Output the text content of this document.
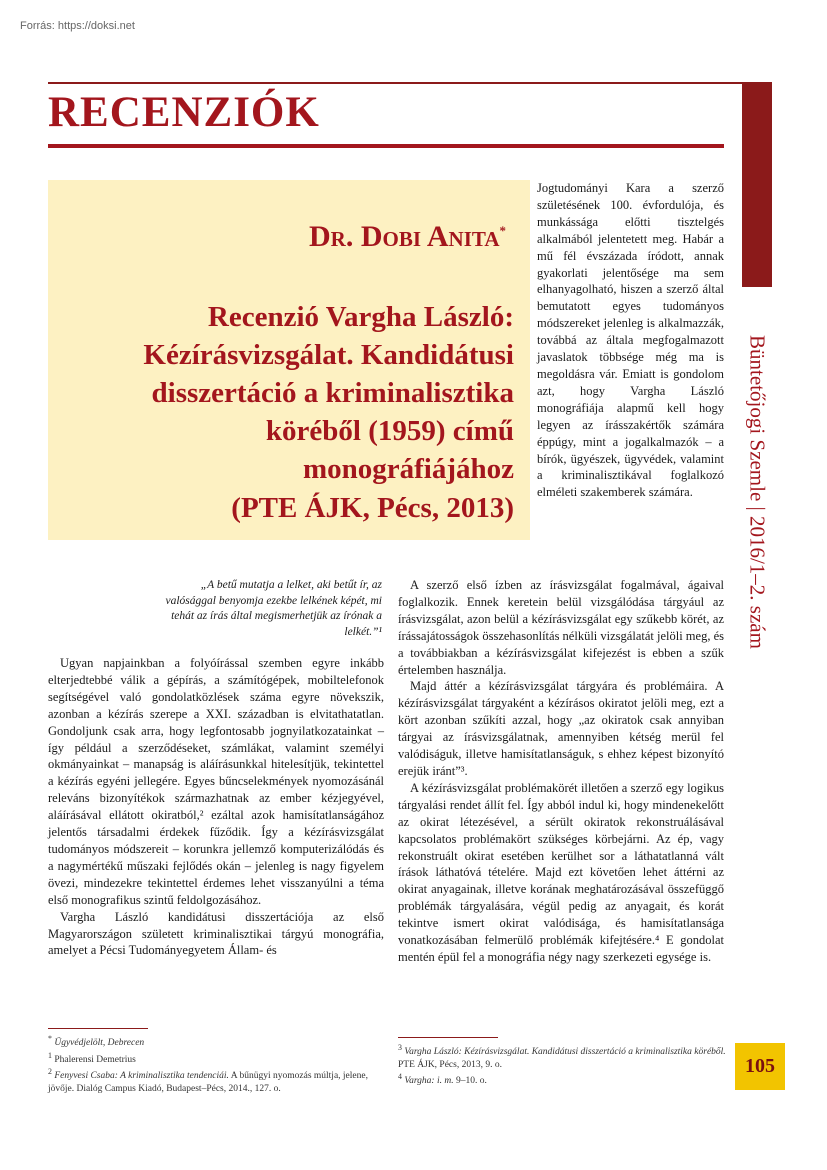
Forrás: https://doksi.net
RECENZIÓK
Büntetőjogi Szemle | 2016/1–2. szám
Dr. Dobi Anita*
Recenzió Vargha László: Kézírásvizsgálat. Kandidátusi disszertáció a kriminalisztika köréből (1959) című monográfiájához
(PTE ÁJK, Pécs, 2013)

Jogtudományi Kara a szerző születésének 100. évfordulója, és munkássága előtti tisztelgés alkalmából jelentetett meg. Habár a mű fél évszázada íródott, annak gyakorlati jelentősége ma sem elhanyagolható, hiszen a szerző által bemutatott egyes tudományos módszereket jelenleg is alkalmazzák, továbbá az általa megfogalmazott javaslatok többsége még ma is megoldásra vár. Emiatt is gondolom azt, hogy Vargha László monográfiája alapmű kell hogy legyen az írásszakértők számára éppúgy, mint a jogalkalmazók – a bírók, ügyészek, ügyvédek, valamint a kriminalisztikával foglalkozó elméleti szakemberek számára.

„A betű mutatja a lelket, aki betűt ír, az valósággal benyomja ezekbe lelkének képét, mi tehát az írás által megismerhetjük az írónak a lelkét.”¹

Ugyan napjainkban a folyóírással szemben egyre inkább elterjedtebbé válik a gépírás, a számítógépek, mobiltelefonok segítségével való gondolatközlések száma egyre növekszik, azonban a kézírás szerepe a XXI. században is elvitathatatlan. Gondoljunk csak arra, hogy legfontosabb jognyilatkozatainkat – így például a szerződéseket, számlákat, valamint személyi okmányainkat – manapság is aláírásunkkal hitelesítjük, tekintettel a kézírás egyéni jellegére. Egyes bűncselekmények nyomozásánál releváns bizonyítékok származhatnak az ember kézjegyével, aláírásával ellátott okiratból,² ezáltal azok hamisítatlanságához jelentős társadalmi érdekek fűződik. Így a kézírásvizsgálat tudományos módszereit – korunkra jellemző komputerizálódás és a nagymértékű műszaki fejlődés okán – jelenleg is nagy figyelem övezi, mindezekre tekintettel érdemes lehet visszanyúlni a téma első monografikus szintű feldolgozásához.

Vargha László kandidátusi disszertációja az első Magyarországon született kriminalisztikai tárgyú monográfia, amelyet a Pécsi Tudományegyetem Állam- és

A szerző első ízben az írásvizsgálat fogalmával, ágaival foglalkozik. Ennek keretein belül vizsgálódása tárgyául az írásvizsgálat, azon belül a kézírásvizsgálat egy szűkebb körét, az írássajátosságok összehasonlítás nélküli vizsgálatát jelöli meg, és a továbbiakban a kézírásvizsgálat kifejezést is ebben a szűk értelemben használja.

Majd áttér a kézírásvizsgálat tárgyára és problémáira. A kézírásvizsgálat tárgyaként a kézírásos okiratot jelöli meg, ezt a kört azonban szűkíti azzal, hogy „az okiratok csak annyiban tárgyai az írásvizsgálatnak, amennyiben kétség merül fel valódiságuk, illetve hamisítatlanságuk, s ehhez képest bizonyító erejük iránt”³.

A kézírásvizsgálat problémakörét illetően a szerző egy logikus tárgyalási rendet állít fel. Így abból indul ki, hogy mindenekelőtt az okirat létezésével, a sérült okiratok rekonstruálásával kapcsolatos problémakört szükséges körbejárni. Az ép, vagy rekonstruált okirat esetében kerülhet sor a láthatatlanná vált írások láthatóvá tételére. Majd ezt követően lehet áttérni az okirat anyagainak, illetve korának meghatározásával összefüggő problémák tárgyalására, végül pedig az anyagait, és korát tekintve ismert okirat valódisága, és hamisítatlansága vonatkozásában felmerülő problémák kifejtésére.⁴ E gondolat mentén épül fel a monográfia négy nagy szerkezeti egysége is.

* Ügyvédjelölt, Debrecen
$^1$ Phalerensi Demetrius
$^2$ Fenyvesi Csaba: A kriminalisztika tendenciái. A bűnügyi nyomozás múltja, jelene, jövője. Dialóg Campus Kiadó, Budapest–Pécs, 2014., 127. o.
$^3$ Vargha László: Kézírásvizsgálat. Kandidátusi disszertáció a kriminalisztika köréből. PTE ÁJK, Pécs, 2013, 9. o.
$^4$ Vargha: i. m. 9–10. o.
105
